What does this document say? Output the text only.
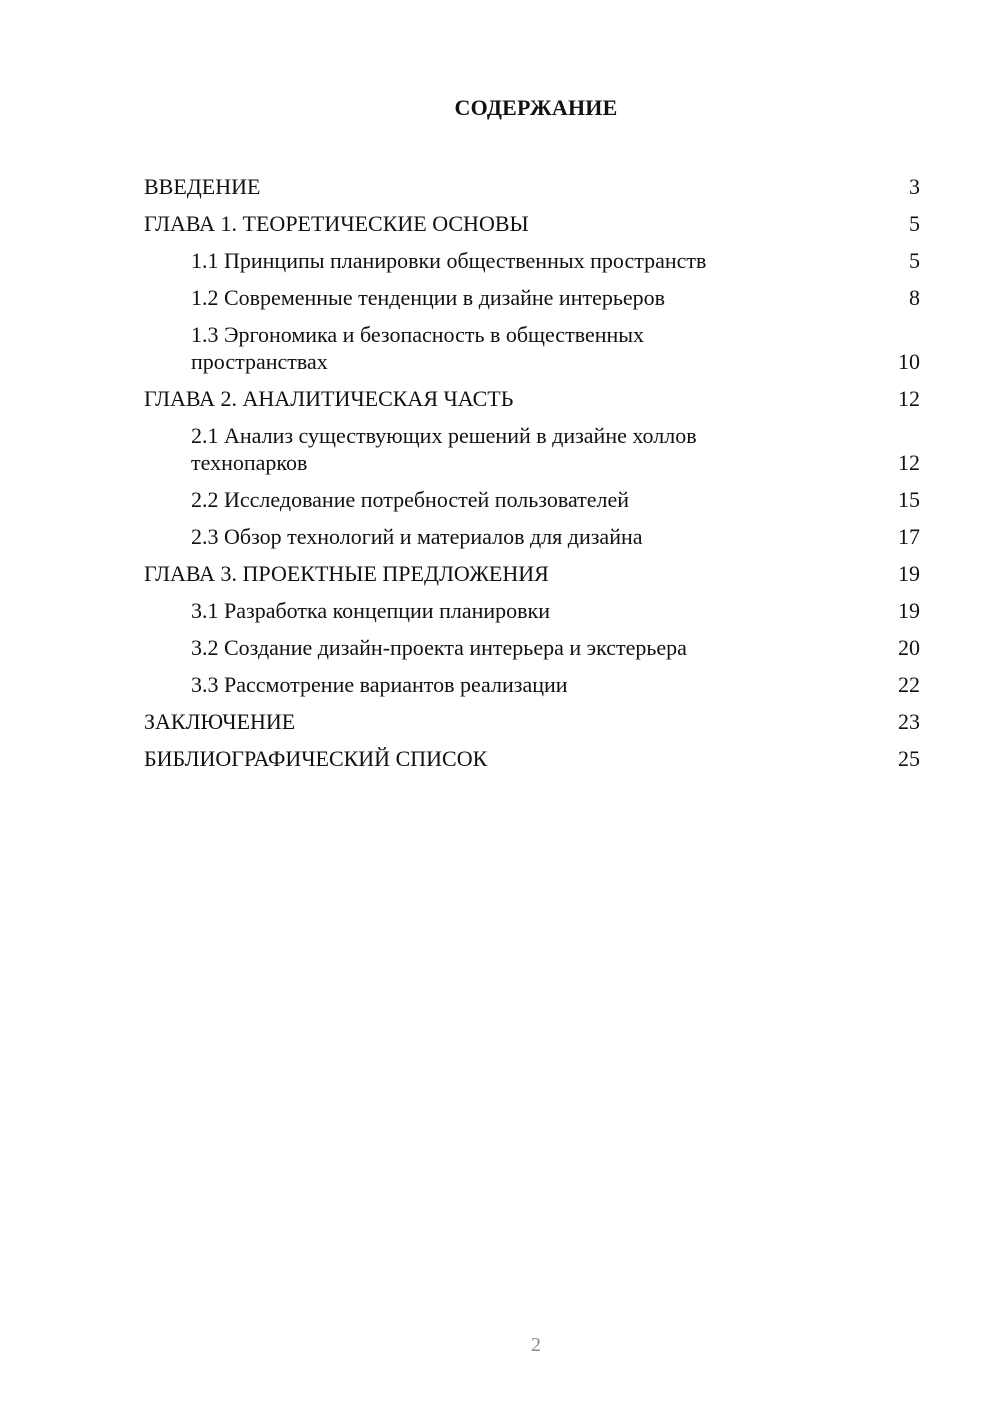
СОДЕРЖАНИЕ
ВВЕДЕНИЕ	3
ГЛАВА 1. ТЕОРЕТИЧЕСКИЕ ОСНОВЫ	5
1.1 Принципы планировки общественных пространств	5
1.2 Современные тенденции в дизайне интерьеров	8
1.3 Эргономика и безопасность в общественных пространствах	10
ГЛАВА 2. АНАЛИТИЧЕСКАЯ ЧАСТЬ	12
2.1 Анализ существующих решений в дизайне холлов технопарков	12
2.2 Исследование потребностей пользователей	15
2.3 Обзор технологий и материалов для дизайна	17
ГЛАВА 3. ПРОЕКТНЫЕ ПРЕДЛОЖЕНИЯ	19
3.1 Разработка концепции планировки	19
3.2 Создание дизайн-проекта интерьера и экстерьера	20
3.3 Рассмотрение вариантов реализации	22
ЗАКЛЮЧЕНИЕ	23
БИБЛИОГРАФИЧЕСКИЙ СПИСОК	25
2
